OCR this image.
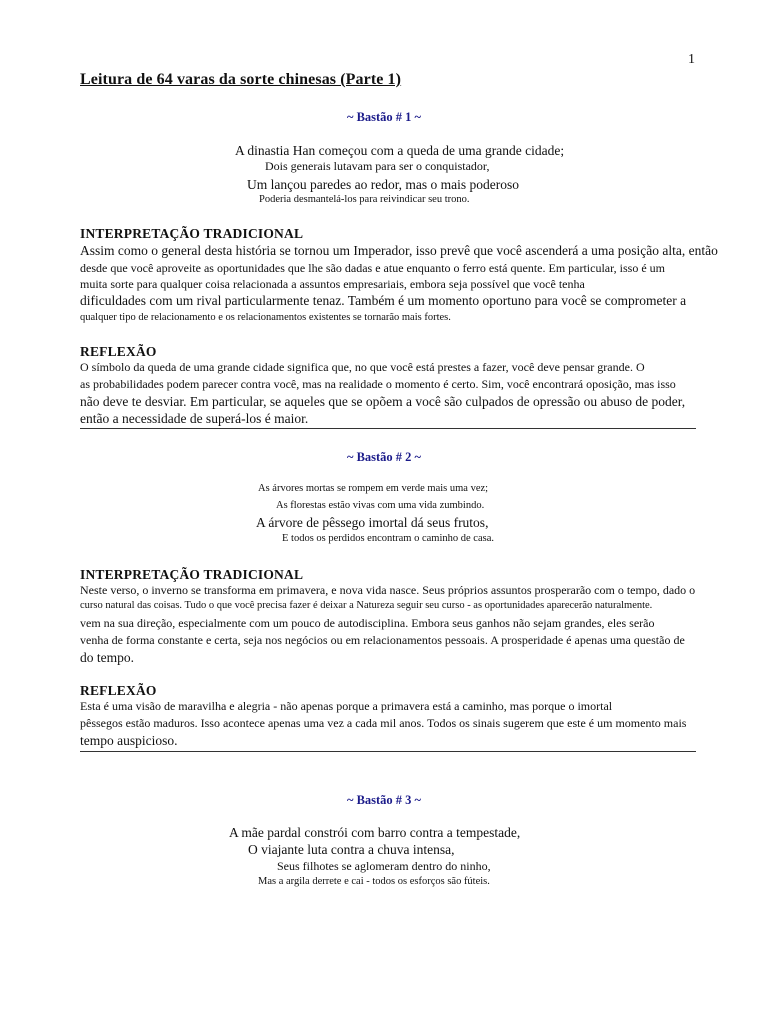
1
Leitura de 64 varas da sorte chinesas (Parte 1)
~ Bastão # 1 ~
A dinastia Han começou com a queda de uma grande cidade;
Dois generais lutavam para ser o conquistador,
Um lançou paredes ao redor, mas o mais poderoso
Poderia desmantelá-los para reivindicar seu trono.
INTERPRETAÇÃO TRADICIONAL
Assim como o general desta história se tornou um Imperador, isso prevê que você ascenderá a uma posição alta, então
desde que você aproveite as oportunidades que lhe são dadas e atue enquanto o ferro está quente. Em particular, isso é um
muita sorte para qualquer coisa relacionada a assuntos empresariais, embora seja possível que você tenha
dificuldades com um rival particularmente tenaz. Também é um momento oportuno para você se comprometer a
qualquer tipo de relacionamento e os relacionamentos existentes se tornarão mais fortes.
REFLEXÃO
O símbolo da queda de uma grande cidade significa que, no que você está prestes a fazer, você deve pensar grande. O
as probabilidades podem parecer contra você, mas na realidade o momento é certo. Sim, você encontrará oposição, mas isso
não deve te desviar. Em particular, se aqueles que se opõem a você são culpados de opressão ou abuso de poder,
então a necessidade de superá-los é maior.
~ Bastão # 2 ~
As árvores mortas se rompem em verde mais uma vez;
As florestas estão vivas com uma vida zumbindo.
A árvore de pêssego imortal dá seus frutos,
E todos os perdidos encontram o caminho de casa.
INTERPRETAÇÃO TRADICIONAL
Neste verso, o inverno se transforma em primavera, e nova vida nasce. Seus próprios assuntos prosperarão com o tempo, dado o
curso natural das coisas. Tudo o que você precisa fazer é deixar a Natureza seguir seu curso - as oportunidades aparecerão naturalmente.
vem na sua direção, especialmente com um pouco de autodisciplina. Embora seus ganhos não sejam grandes, eles serão
venha de forma constante e certa, seja nos negócios ou em relacionamentos pessoais. A prosperidade é apenas uma questão de
do tempo.
REFLEXÃO
Esta é uma visão de maravilha e alegria - não apenas porque a primavera está a caminho, mas porque o imortal
pêssegos estão maduros. Isso acontece apenas uma vez a cada mil anos. Todos os sinais sugerem que este é um momento mais
tempo auspicioso.
~ Bastão # 3 ~
A mãe pardal constrói com barro contra a tempestade,
O viajante luta contra a chuva intensa,
Seus filhotes se aglomeram dentro do ninho,
Mas a argila derrete e cai - todos os esforços são fúteis.
